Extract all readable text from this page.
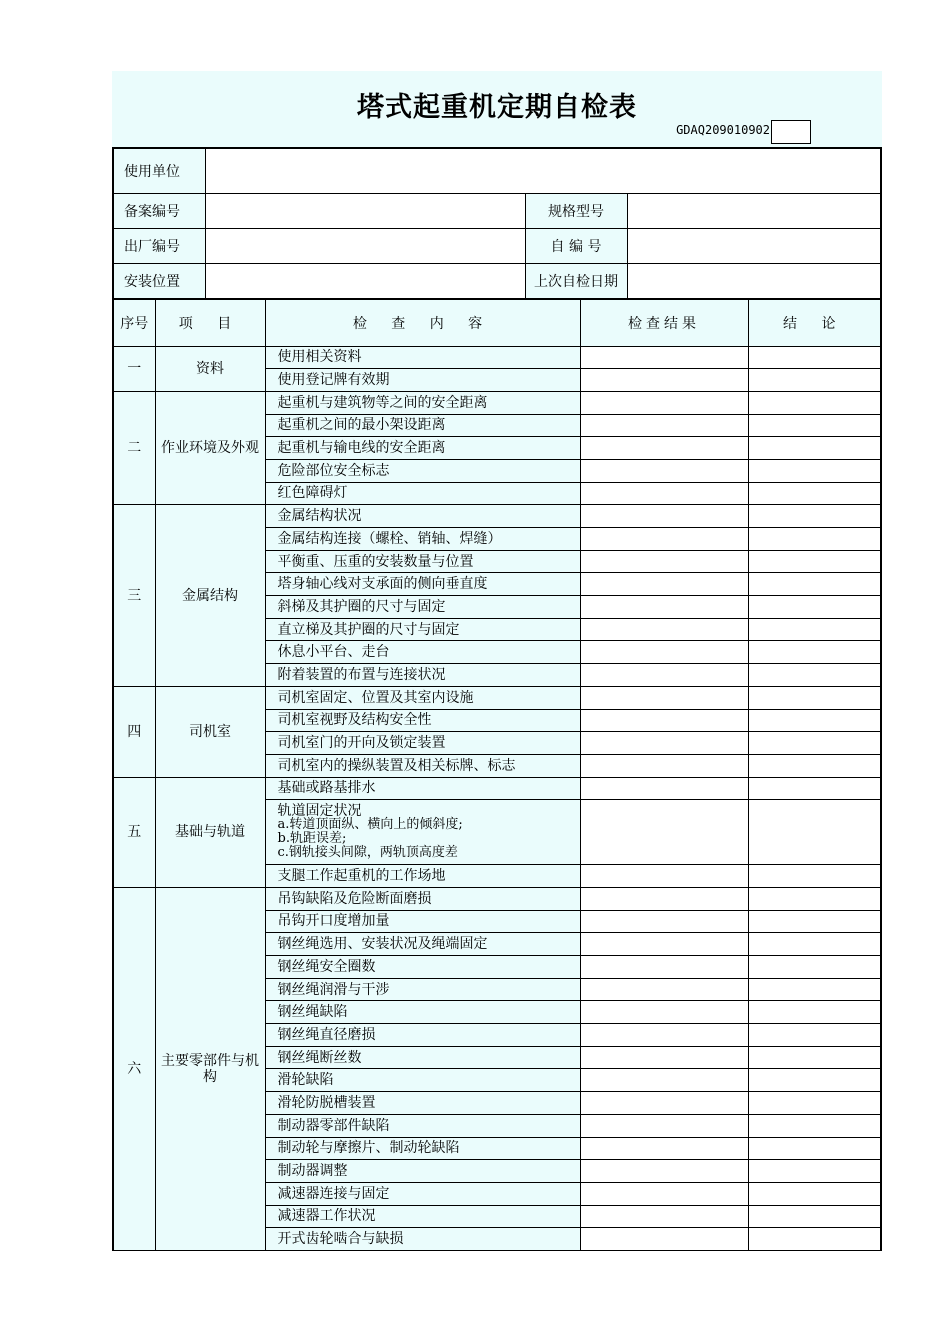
塔式起重机定期自检表
GDAQ209010902
使用单位			
备案编号		规格型号	
出厂编号		自 编 号	
安装位置		上次自检日期	
序号	项 目	检 查 内 容	检查结果	结 论
一	资料	使用相关资料		
		使用登记牌有效期		
二	作业环境及外观	起重机与建筑物等之间的安全距离		
		起重机之间的最小架设距离		
		起重机与输电线的安全距离		
		危险部位安全标志		
		红色障碍灯		
三	金属结构	金属结构状况		
		金属结构连接（螺栓、销轴、焊缝）		
		平衡重、压重的安装数量与位置		
		塔身轴心线对支承面的侧向垂直度		
		斜梯及其护圈的尺寸与固定		
		直立梯及其护圈的尺寸与固定		
		休息小平台、走台		
		附着装置的布置与连接状况		
四	司机室	司机室固定、位置及其室内设施		
		司机室视野及结构安全性		
		司机室门的开向及锁定装置		
		司机室内的操纵装置及相关标牌、标志		
五	基础与轨道	基础或路基排水		

		轨道固定状况
a.转道顶面纵、横向上的倾斜度;
b.轨距误差;
c.钢轨接头间隙，两轨顶高度差		

		支腿工作起重机的工作场地		
六	主要零部件与机构	吊钩缺陷及危险断面磨损		
		吊钩开口度增加量		
		钢丝绳选用、安装状况及绳端固定		
		钢丝绳安全圈数		
		钢丝绳润滑与干涉		
		钢丝绳缺陷		
		钢丝绳直径磨损		
		钢丝绳断丝数		
		滑轮缺陷		
		滑轮防脱槽装置		
		制动器零部件缺陷		
		制动轮与摩擦片、制动轮缺陷		
		制动器调整		
		减速器连接与固定		
		减速器工作状况		
		开式齿轮啮合与缺损		
